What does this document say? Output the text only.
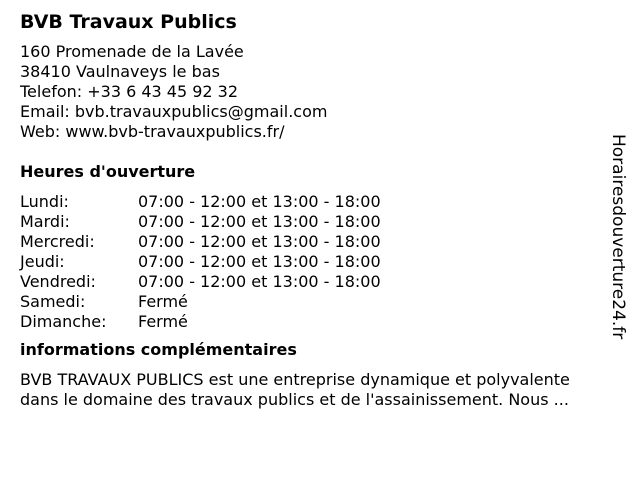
BVB Travaux Publics
160 Promenade de la Lavée
38410 Vaulnaveys le bas
Telefon: +33 6 43 45 92 32
Email: bvb.travauxpublics@gmail.com
Web: www.bvb-travauxpublics.fr/
Heures d'ouverture
Lundi:	07:00 - 12:00 et 13:00 - 18:00
Mardi:	07:00 - 12:00 et 13:00 - 18:00
Mercredi:	07:00 - 12:00 et 13:00 - 18:00
Jeudi:	07:00 - 12:00 et 13:00 - 18:00
Vendredi:	07:00 - 12:00 et 13:00 - 18:00
Samedi:	Fermé
Dimanche:	Fermé
informations complémentaires
BVB TRAVAUX PUBLICS est une entreprise dynamique et polyvalente
dans le domaine des travaux publics et de l'assainissement. Nous ...
Horairesdouverture24.fr
